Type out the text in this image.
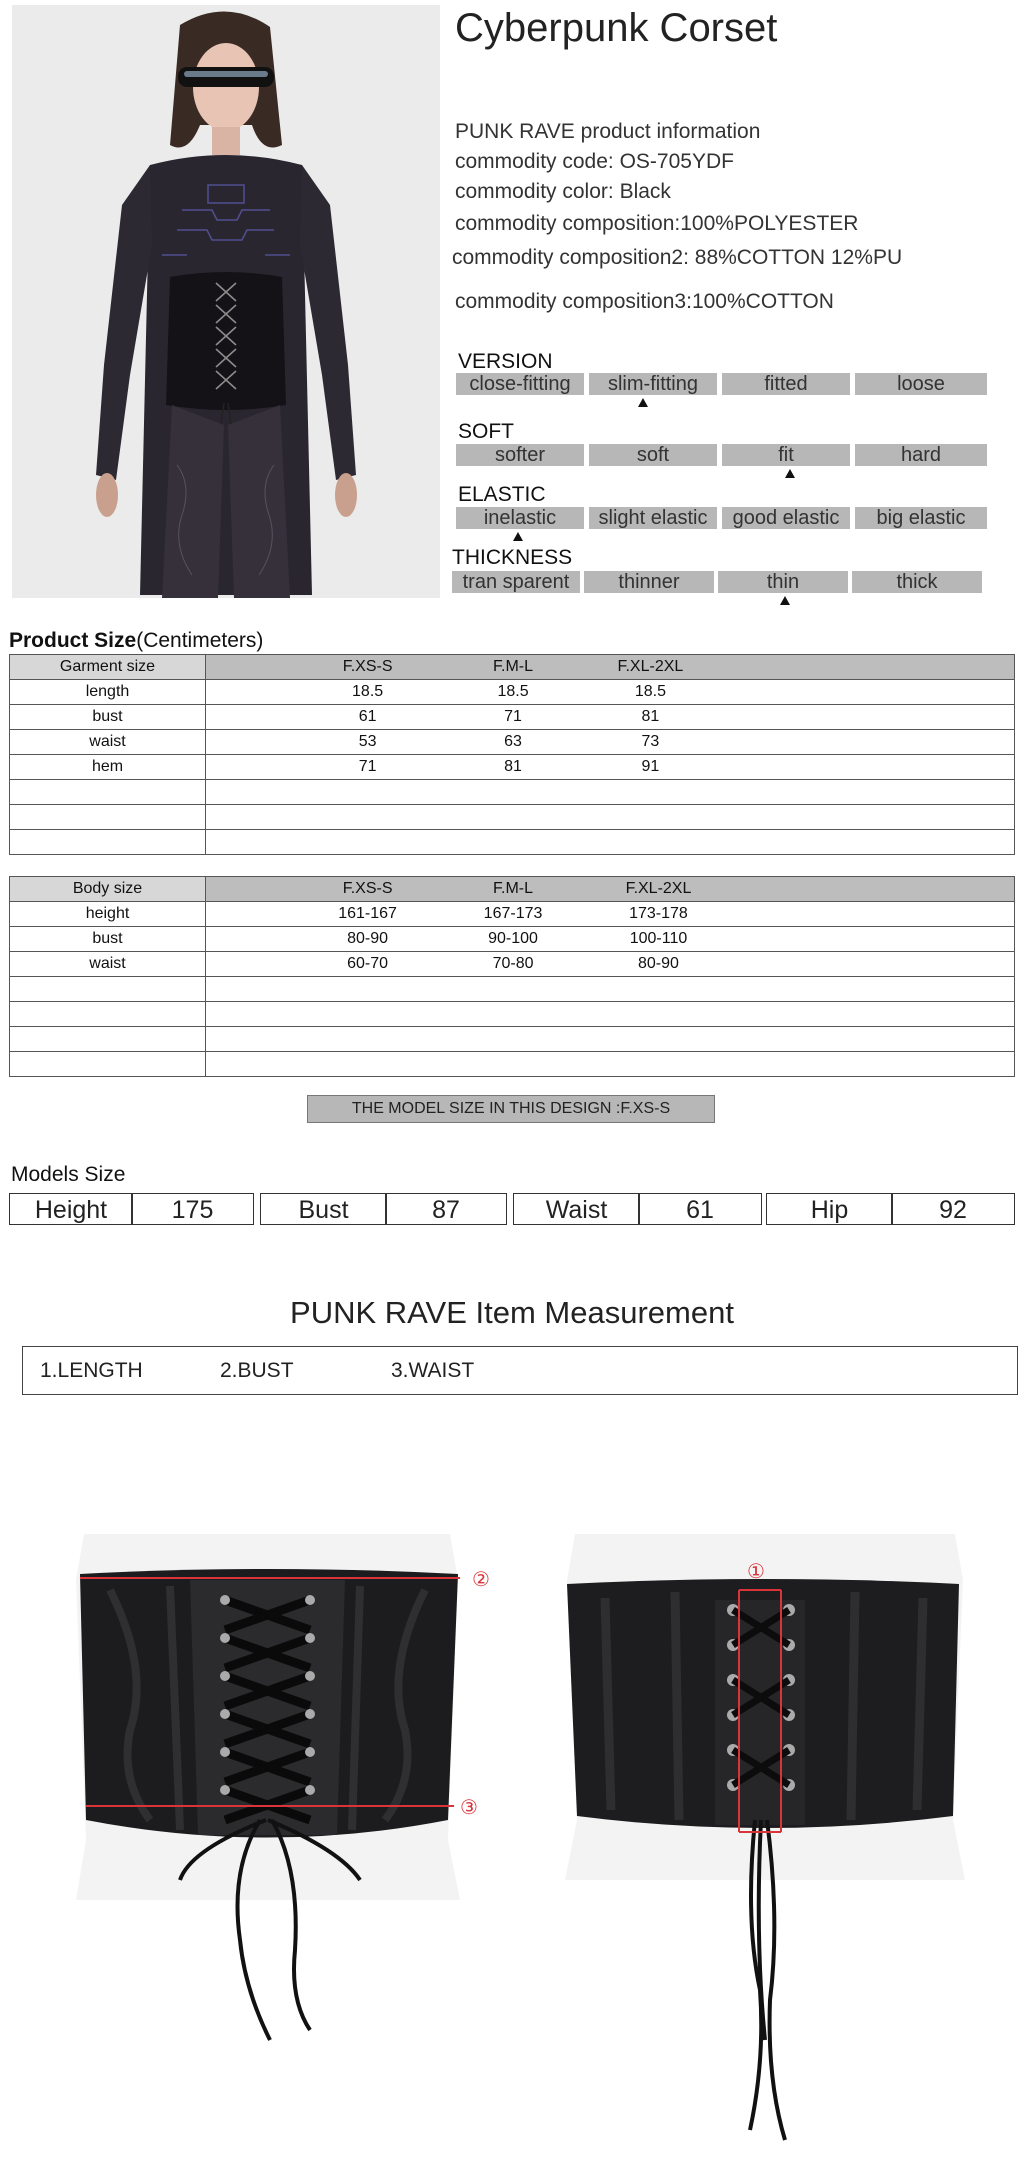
Cyberpunk Corset
PUNK RAVE product information
commodity code: OS-705YDF
commodity color: Black
commodity composition:100%POLYESTER
commodity composition2: 88%COTTON 12%PU
commodity composition3:100%COTTON
VERSION
close-fitting	slim-fitting	fitted	loose
SOFT
softer	soft	fit	hard
ELASTIC
inelastic	slight elastic	good elastic	big elastic
THICKNESS
tran sparent	thinner	thin	thick
Product Size(Centimeters)
Garment size	F.XS-S F.M-L F.XL-2XL

length	18.5 18.5 18.5

bust	61 71 81

waist	53 63 73

hem	71 81 91

Body size	F.XS-S F.M-L F.XL-2XL

height	161-167 167-173 173-178

bust	80-90 90-100 100-110

waist	60-70 70-80 80-90

THE MODEL SIZE IN THIS DESIGN :F.XS-S
Models Size
Height	175	Bust	87	Waist	61	Hip	92
PUNK RAVE Item Measurement
1.LENGTH	2.BUST	3.WAIST
②
③
①
